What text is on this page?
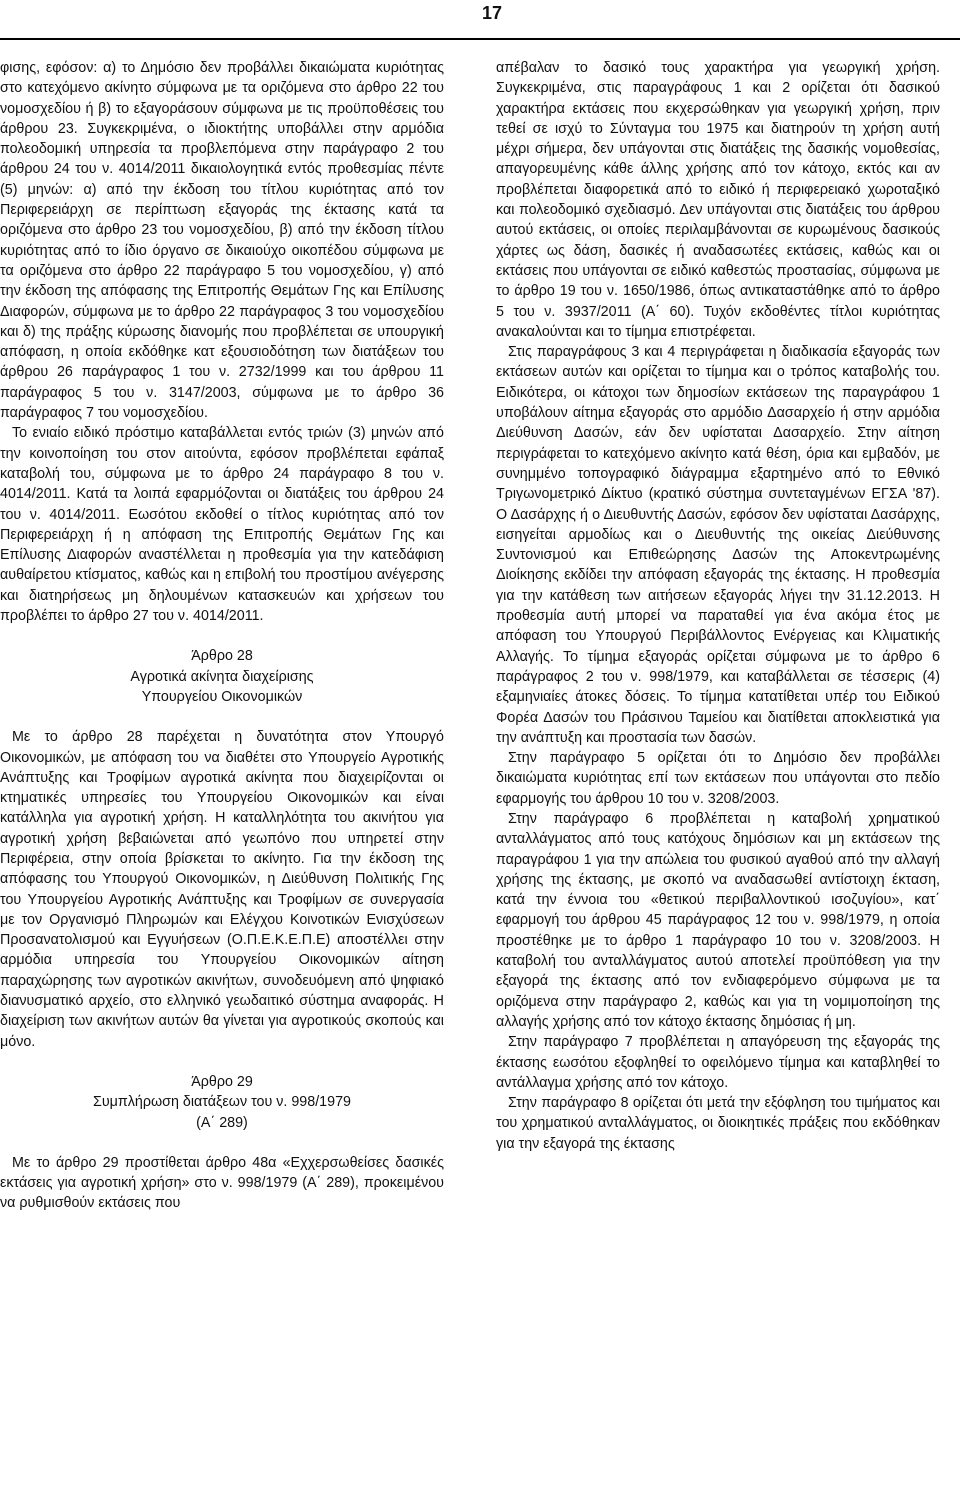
17

φισης, εφόσον: α) το Δημόσιο δεν προβάλλει δικαιώματα κυριότητας στο κατεχόμενο ακίνητο σύμφωνα με τα οριζόμενα στο άρθρο 22 του νομοσχεδίου ή β) το εξαγοράσουν σύμφωνα με τις προϋποθέσεις του άρθρου 23. Συγκεκριμένα, ο ιδιοκτήτης υποβάλλει στην αρμόδια πολεοδομική υπηρεσία τα προβλεπόμενα στην παράγραφο 2 του άρθρου 24 του ν. 4014/2011 δικαιολογητικά εντός προθεσμίας πέντε (5) μηνών: α) από την έκδοση του τίτλου κυριότητας από τον Περιφερειάρχη σε περίπτωση εξαγοράς της έκτασης κατά τα οριζόμενα στο άρθρο 23 του νομοσχεδίου, β) από την έκδοση τίτλου κυριότητας από το ίδιο όργανο σε δικαιούχο οικοπέδου σύμφωνα με τα οριζόμενα στο άρθρο 22 παράγραφο 5 του νομοσχεδίου, γ) από την έκδοση της απόφασης της Επιτροπής Θεμάτων Γης και Επίλυσης Διαφορών, σύμφωνα με το άρθρο 22 παράγραφος 3 του νομοσχεδίου και δ) της πράξης κύρωσης διανομής που προβλέπεται σε υπουργική απόφαση, η οποία εκδόθηκε κατ εξουσιοδότηση των διατάξεων του άρθρου 26 παράγραφος 1 του ν. 2732/1999 και του άρθρου 11 παράγραφος 5 του ν. 3147/2003, σύμφωνα με το άρθρο 36 παράγραφος 7 του νομοσχεδίου.

Το ενιαίο ειδικό πρόστιμο καταβάλλεται εντός τριών (3) μηνών από την κοινοποίηση του στον αιτούντα, εφόσον προβλέπεται εφάπαξ καταβολή του, σύμφωνα με το άρθρο 24 παράγραφο 8 του ν. 4014/2011. Κατά τα λοιπά εφαρμόζονται οι διατάξεις του άρθρου 24 του ν. 4014/2011. Εωσότου εκδοθεί ο τίτλος κυριότητας από τον Περιφερειάρχη ή η απόφαση της Επιτροπής Θεμάτων Γης και Επίλυσης Διαφορών αναστέλλεται η προθεσμία για την κατεδάφιση αυθαίρετου κτίσματος, καθώς και η επιβολή του προστίμου ανέγερσης και διατηρήσεως μη δηλουμένων κατασκευών και χρήσεων του προβλέπει το άρθρο 27 του ν. 4014/2011.

Άρθρο 28

Αγροτικά ακίνητα διαχείρισης

Υπουργείου Οικονομικών

Με το άρθρο 28 παρέχεται η δυνατότητα στον Υπουργό Οικονομικών, με απόφαση του να διαθέτει στο Υπουργείο Αγροτικής Ανάπτυξης και Τροφίμων αγροτικά ακίνητα που διαχειρίζονται οι κτηματικές υπηρεσίες του Υπουργείου Οικονομικών και είναι κατάλληλα για αγροτική χρήση. Η καταλληλότητα του ακινήτου για αγροτική χρήση βεβαιώνεται από γεωπόνο που υπηρετεί στην Περιφέρεια, στην οποία βρίσκεται το ακίνητο. Για την έκδοση της απόφασης του Υπουργού Οικονομικών, η Διεύθυνση Πολιτικής Γης του Υπουργείου Αγροτικής Ανάπτυξης και Τροφίμων σε συνεργασία με τον Οργανισμό Πληρωμών και Ελέγχου Κοινοτικών Ενισχύσεων Προσανατολισμού και Εγγυήσεων (Ο.Π.Ε.Κ.Ε.Π.Ε) αποστέλλει στην αρμόδια υπηρεσία του Υπουργείου Οικονομικών αίτηση παραχώρησης των αγροτικών ακινήτων, συνοδευόμενη από ψηφιακό διανυσματικό αρχείο, στο ελληνικό γεωδαιτικό σύστημα αναφοράς. Η διαχείριση των ακινήτων αυτών θα γίνεται για αγροτικούς σκοπούς και μόνο.

Άρθρο 29

Συμπλήρωση διατάξεων του ν. 998/1979

(Α΄ 289)

Με το άρθρο 29 προστίθεται άρθρο 48α «Εχχερσωθείσες δασικές εκτάσεις για αγροτική χρήση» στο ν. 998/1979 (Α΄ 289), προκειμένου να ρυθμισθούν εκτάσεις που

απέβαλαν το δασικό τους χαρακτήρα για γεωργική χρήση. Συγκεκριμένα, στις παραγράφους 1 και 2 ορίζεται ότι δασικού χαρακτήρα εκτάσεις που εκχερσώθηκαν για γεωργική χρήση, πριν τεθεί σε ισχύ το Σύνταγμα του 1975 και διατηρούν τη χρήση αυτή μέχρι σήμερα, δεν υπάγονται στις διατάξεις της δασικής νομοθεσίας, απαγορευμένης κάθε άλλης χρήσης από τον κάτοχο, εκτός και αν προβλέπεται διαφορετικά από το ειδικό ή περιφερειακό χωροταξικό και πολεοδομικό σχεδιασμό. Δεν υπάγονται στις διατάξεις του άρθρου αυτού εκτάσεις, οι οποίες περιλαμβάνονται σε κυρωμένους δασικούς χάρτες ως δάση, δασικές ή αναδασωτέες εκτάσεις, καθώς και οι εκτάσεις που υπάγονται σε ειδικό καθεστώς προστασίας, σύμφωνα με το άρθρο 19 του ν. 1650/1986, όπως αντικαταστάθηκε από το άρθρο 5 του ν. 3937/2011 (Α΄ 60). Τυχόν εκδοθέντες τίτλοι κυριότητας ανακαλούνται και το τίμημα επιστρέφεται.

Στις παραγράφους 3 και 4 περιγράφεται η διαδικασία εξαγοράς των εκτάσεων αυτών και ορίζεται το τίμημα και ο τρόπος καταβολής του. Ειδικότερα, οι κάτοχοι των δημοσίων εκτάσεων της παραγράφου 1 υποβάλουν αίτημα εξαγοράς στο αρμόδιο Δασαρχείο ή στην αρμόδια Διεύθυνση Δασών, εάν δεν υφίσταται Δασαρχείο. Στην αίτηση περιγράφεται το κατεχόμενο ακίνητο κατά θέση, όρια και εμβαδόν, με συνημμένο τοπογραφικό διάγραμμα εξαρτημένο από το Εθνικό Τριγωνομετρικό Δίκτυο (κρατικό σύστημα συντεταγμένων ΕΓΣΑ '87). Ο Δασάρχης ή ο Διευθυντής Δασών, εφόσον δεν υφίσταται Δασάρχης, εισηγείται αρμοδίως και ο Διευθυντής της οικείας Διεύθυνσης Συντονισμού και Επιθεώρησης Δασών της Αποκεντρωμένης Διοίκησης εκδίδει την απόφαση εξαγοράς της έκτασης. Η προθεσμία για την κατάθεση των αιτήσεων εξαγοράς λήγει την 31.12.2013. Η προθεσμία αυτή μπορεί να παραταθεί για ένα ακόμα έτος με απόφαση του Υπουργού Περιβάλλοντος Ενέργειας και Κλιματικής Αλλαγής. Το τίμημα εξαγοράς ορίζεται σύμφωνα με το άρθρο 6 παράγραφος 2 του ν. 998/1979, και καταβάλλεται σε τέσσερις (4) εξαμηνιαίες άτοκες δόσεις. Το τίμημα κατατίθεται υπέρ του Ειδικού Φορέα Δασών του Πράσινου Ταμείου και διατίθεται αποκλειστικά για την ανάπτυξη και προστασία των δασών.

Στην παράγραφο 5 ορίζεται ότι το Δημόσιο δεν προβάλλει δικαιώματα κυριότητας επί των εκτάσεων που υπάγονται στο πεδίο εφαρμογής του άρθρου 10 του ν. 3208/2003.

Στην παράγραφο 6 προβλέπεται η καταβολή χρηματικού ανταλλάγματος από τους κατόχους δημόσιων και μη εκτάσεων της παραγράφου 1 για την απώλεια του φυσικού αγαθού από την αλλαγή χρήσης της έκτασης, με σκοπό να αναδασωθεί αντίστοιχη έκταση, κατά την έννοια του «θετικού περιβαλλοντικού ισοζυγίου», κατ΄ εφαρμογή του άρθρου 45 παράγραφος 12 του ν. 998/1979, η οποία προστέθηκε με το άρθρο 1 παράγραφο 10 του ν. 3208/2003. Η καταβολή του ανταλλάγματος αυτού αποτελεί προϋπόθεση για την εξαγορά της έκτασης από τον ενδιαφερόμενο σύμφωνα με τα οριζόμενα στην παράγραφο 2, καθώς και για τη νομιμοποίηση της αλλαγής χρήσης από τον κάτοχο έκτασης δημόσιας ή μη.

Στην παράγραφο 7 προβλέπεται η απαγόρευση της εξαγοράς της έκτασης εωσότου εξοφληθεί το οφειλόμενο τίμημα και καταβληθεί το αντάλλαγμα χρήσης από τον κάτοχο.

Στην παράγραφο 8 ορίζεται ότι μετά την εξόφληση του τιμήματος και του χρηματικού ανταλλάγματος, οι διοικητικές πράξεις που εκδόθηκαν για την εξαγορά της έκτασης
